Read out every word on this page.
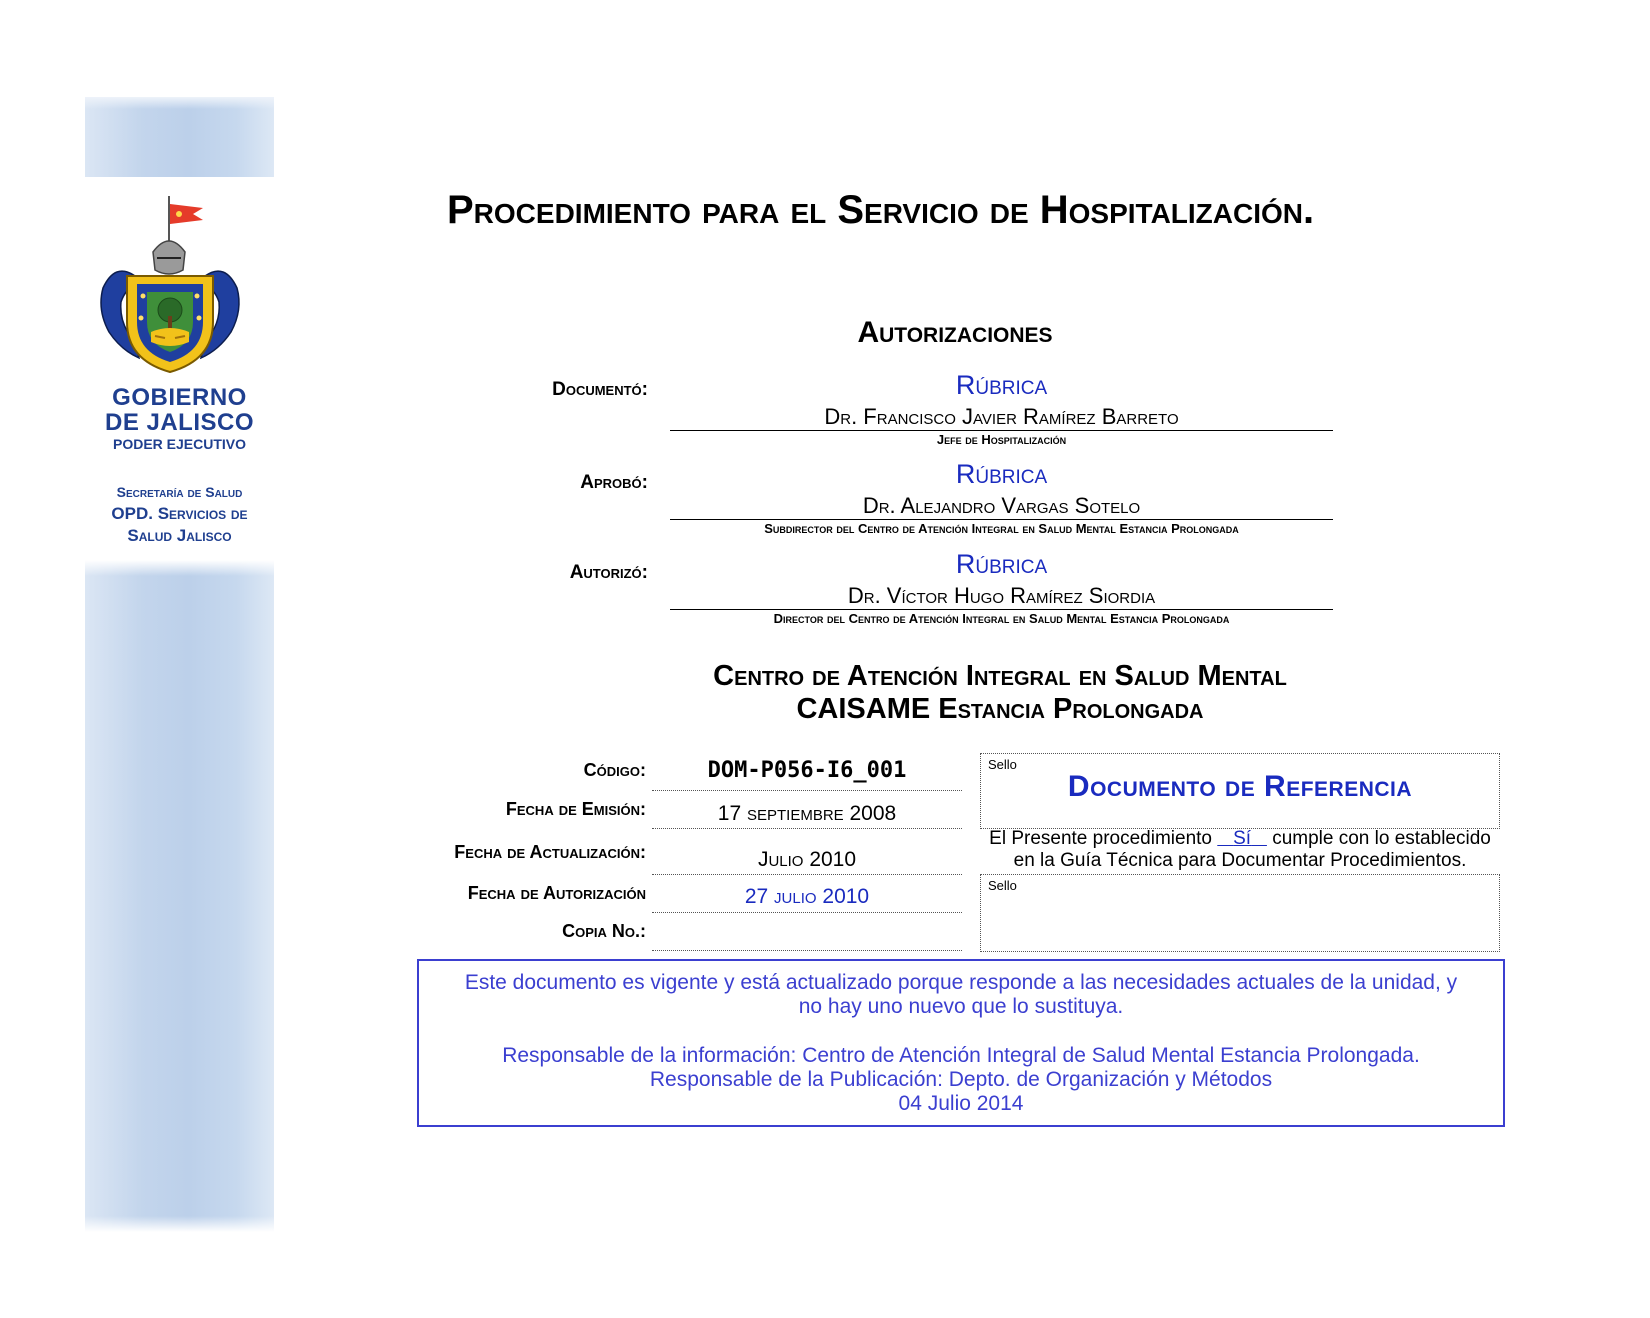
GOBIERNO
DE JALISCO
PODER EJECUTIVO
Secretaría de Salud
OPD. Servicios de
Salud Jalisco
Procedimiento para el Servicio de Hospitalización.
Autorizaciones
Documentó:	Rúbrica
Dr. Francisco Javier Ramírez Barreto
Jefe de Hospitalización
Aprobó:	Rúbrica
Dr. Alejandro Vargas Sotelo
Subdirector del Centro de Atención Integral en Salud Mental Estancia Prolongada
Autorizó:	Rúbrica
Dr. Víctor Hugo Ramírez Siordia
Director del Centro de Atención Integral en Salud Mental Estancia Prolongada
Centro de Atención Integral en Salud Mental
CAISAME Estancia Prolongada
Código:	DOM-P056-I6_001
Fecha de Emisión:	17 septiembre 2008
Fecha de Actualización:	Julio 2010
Fecha de Autorización	27 julio 2010
Copia No.:
Sello
Documento de Referencia
El Presente procedimiento Sí cumple con lo establecido
en la Guía Técnica para Documentar Procedimientos.
Sello
Este documento es vigente y está actualizado porque responde a las necesidades actuales de la unidad, y no hay uno nuevo que lo sustituya.
Responsable de la información: Centro de Atención Integral de Salud Mental Estancia Prolongada.
Responsable de la Publicación: Depto. de Organización y Métodos
04 Julio 2014
